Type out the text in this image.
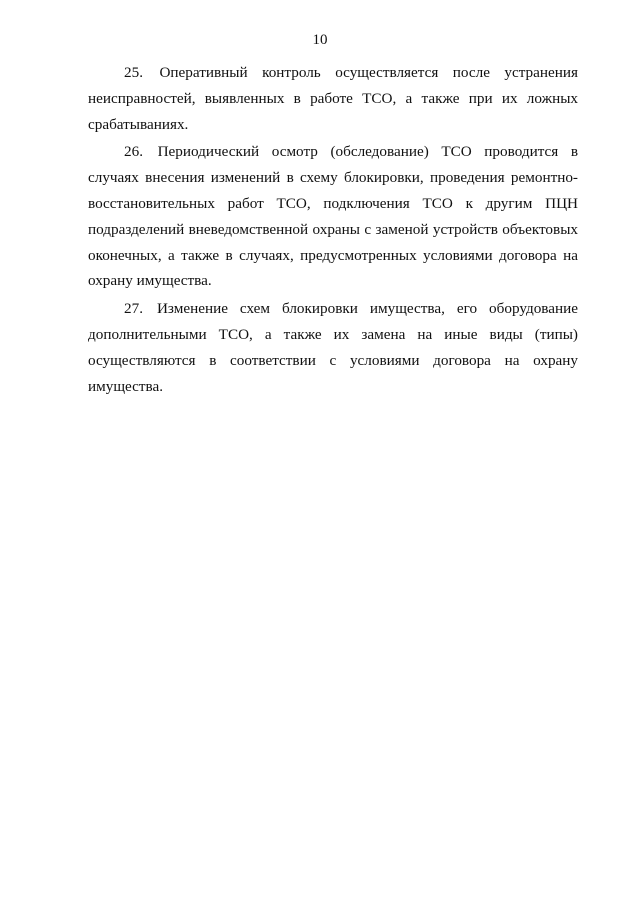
10

25. Оперативный контроль осуществляется после устранения неисправностей, выявленных в работе ТСО, а также при их ложных срабатываниях.

26. Периодический осмотр (обследование) ТСО проводится в случаях внесения изменений в схему блокировки, проведения ремонтно-восстановительных работ ТСО, подключения ТСО к другим ПЦН подразделений вневедомственной охраны с заменой устройств объектовых оконечных, а также в случаях, предусмотренных условиями договора на охрану имущества.

27. Изменение схем блокировки имущества, его оборудование дополнительными ТСО, а также их замена на иные виды (типы) осуществляются в соответствии с условиями договора на охрану имущества.
